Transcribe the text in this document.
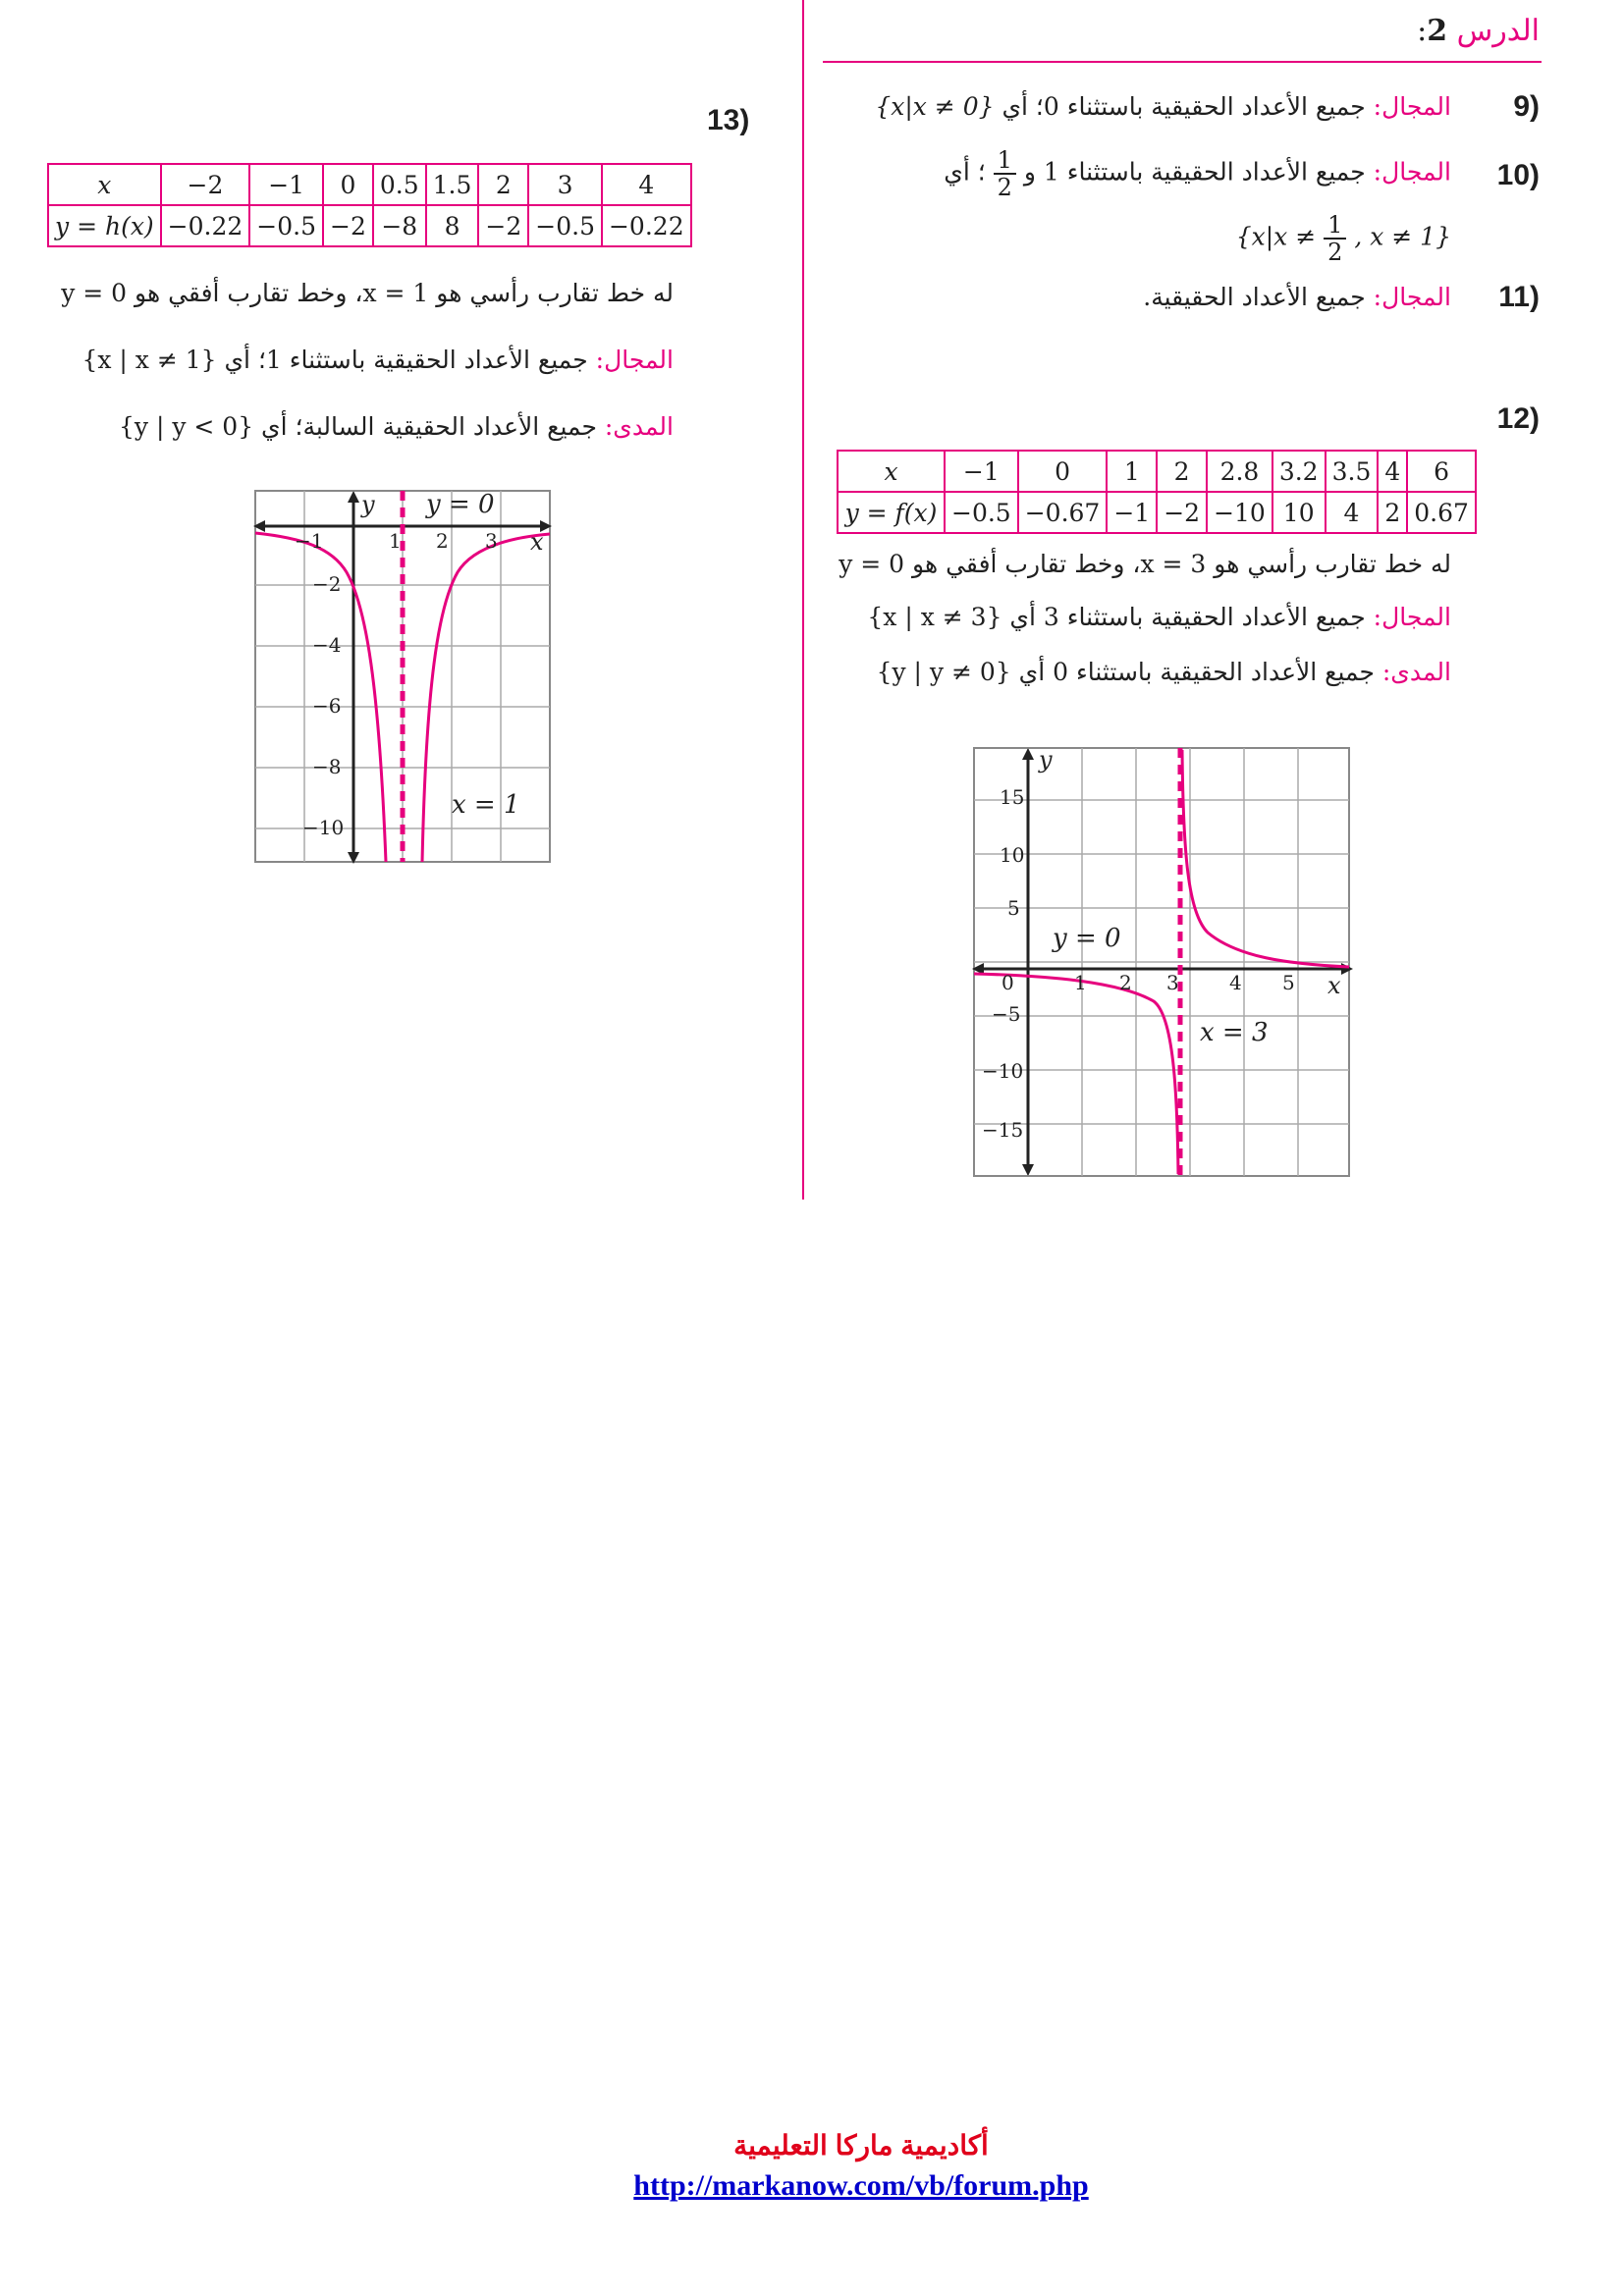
الدرس 2:
9)
المجال: جميع الأعداد الحقيقية باستثناء 0؛ أي {x|x ≠ 0}
10)
المجال: جميع الأعداد الحقيقية باستثناء 1 و
$\frac{1}{2}$
؛ أي
{$x|x \ne \frac{1}{2}$ , x ≠ 1}
11)
المجال: جميع الأعداد الحقيقية.
12)
x	−1	0	1	2	2.8	3.2	3.5	4	6
y = f(x)	−0.5	−0.67	−1	−2	−10	10	4	2	0.67
له خط تقارب رأسي هو x = 3، وخط تقارب أفقي هو y = 0
المجال: جميع الأعداد الحقيقية باستثناء 3 أي {x | x ≠ 3}
المدى: جميع الأعداد الحقيقية باستثناء 0 أي {y | y ≠ 0}
y
x
15
10
5
−5
−10
−15
0	1 2 3	4 5
y = 0
x = 3
13)
x	−2	−1	0	0.5	1.5	2	3	4
y = h(x)	−0.22	−0.5	−2	−8	8	−2	−0.5	−0.22
له خط تقارب رأسي هو x = 1، وخط تقارب أفقي هو y = 0
المجال: جميع الأعداد الحقيقية باستثناء 1؛ أي {x | x ≠ 1}
المدى: جميع الأعداد الحقيقية السالبة؛ أي {y | y < 0}
y
x
−1	1 2 3
−2
−4
−6
−8
−10
y = 0
x = 1
أكاديمية ماركا التعليمية
http://markanow.com/vb/forum.php
